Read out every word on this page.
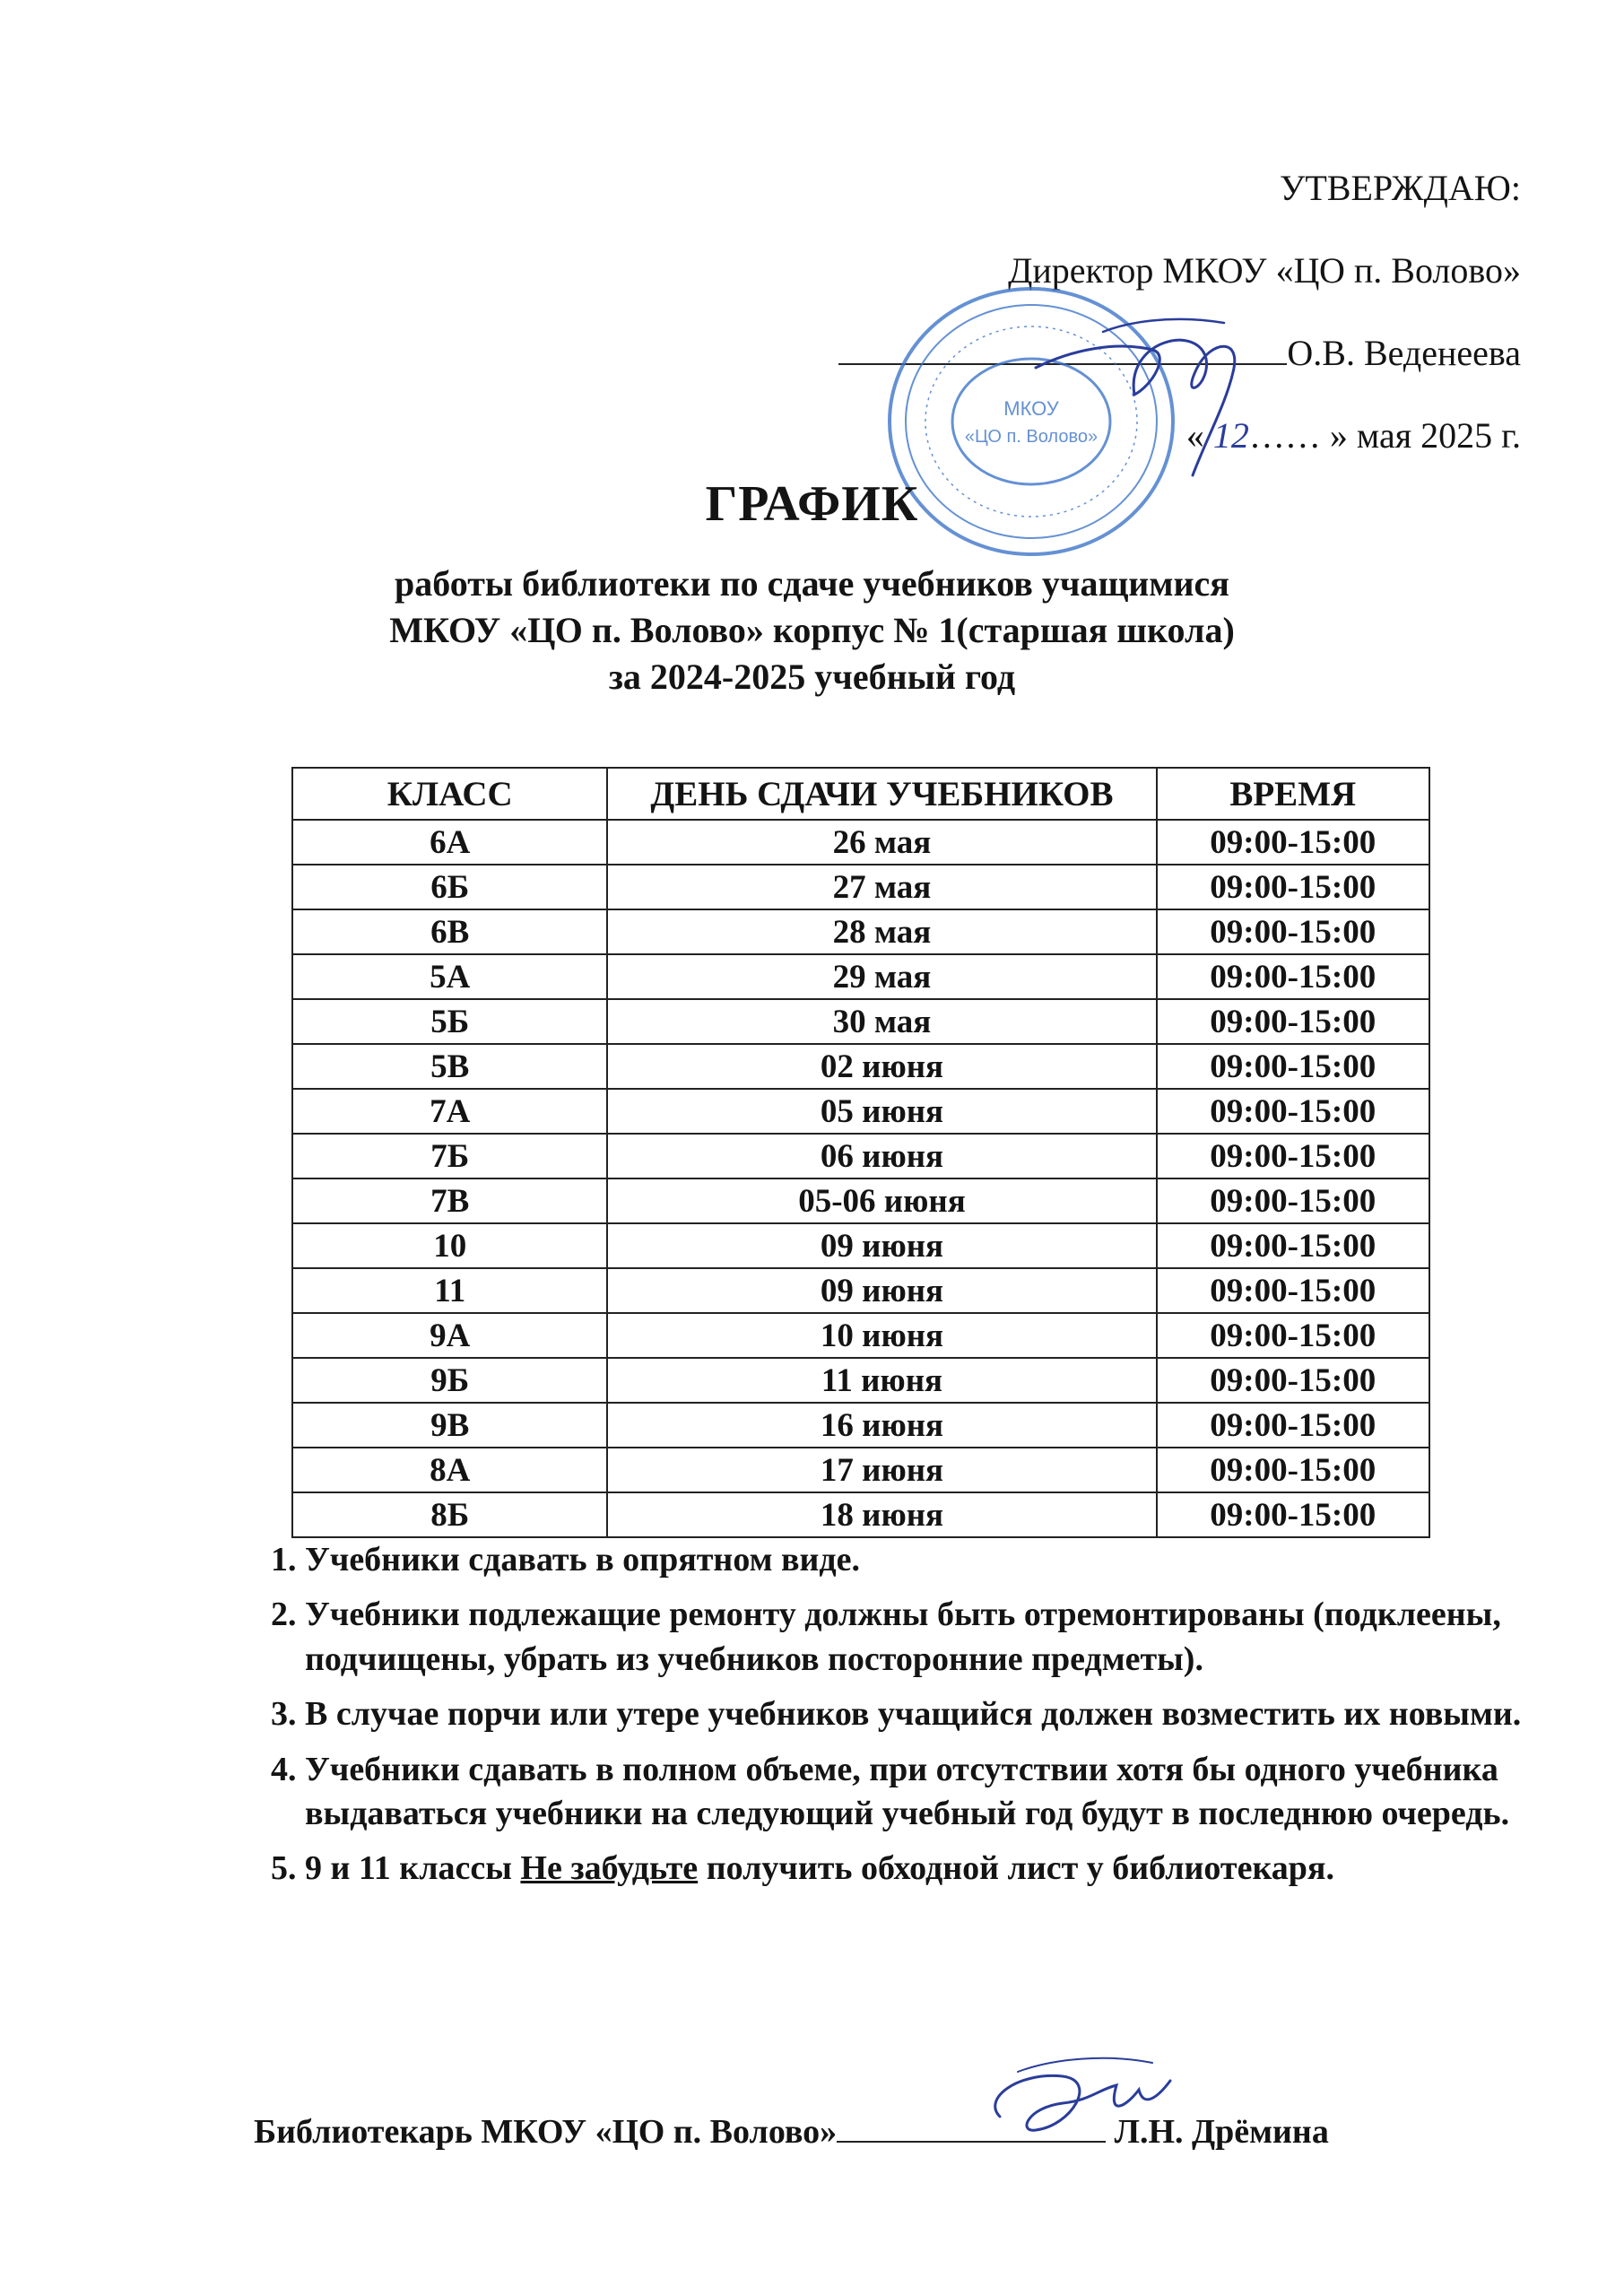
УТВЕРЖДАЮ:
Директор МКОУ «ЦО п. Волово»
О.В. Веденеева
« 12…… » мая 2025 г.
МКОУ
«ЦО п. Волово»
ГРАФИК
работы библиотеки по сдаче учебников учащимися
МКОУ «ЦО п. Волово» корпус № 1(старшая школа)
за 2024-2025 учебный год
КЛАСС	ДЕНЬ СДАЧИ УЧЕБНИКОВ	ВРЕМЯ
6А	26 мая	09:00-15:00
6Б	27 мая	09:00-15:00
6В	28 мая	09:00-15:00
5А	29 мая	09:00-15:00
5Б	30 мая	09:00-15:00
5В	02 июня	09:00-15:00
7А	05 июня	09:00-15:00
7Б	06 июня	09:00-15:00
7В	05-06 июня	09:00-15:00
10	09 июня	09:00-15:00
11	09 июня	09:00-15:00
9А	10 июня	09:00-15:00
9Б	11 июня	09:00-15:00
9В	16 июня	09:00-15:00
8А	17 июня	09:00-15:00
8Б	18 июня	09:00-15:00
1. Учебники сдавать в опрятном виде.
2. Учебники подлежащие ремонту должны быть отремонтированы (подклеены, подчищены, убрать из учебников посторонние предметы).
3. В случае порчи или утере учебников учащийся должен возместить их новыми.
4. Учебники сдавать в полном объеме, при отсутствии хотя бы одного учебника выдаваться учебники на следующий учебный год будут в последнюю очередь.
5. 9 и 11 классы Не забудьте получить обходной лист у библиотекаря.
Библиотекарь МКОУ «ЦО п. Волово»	Л.Н. Дрёмина
